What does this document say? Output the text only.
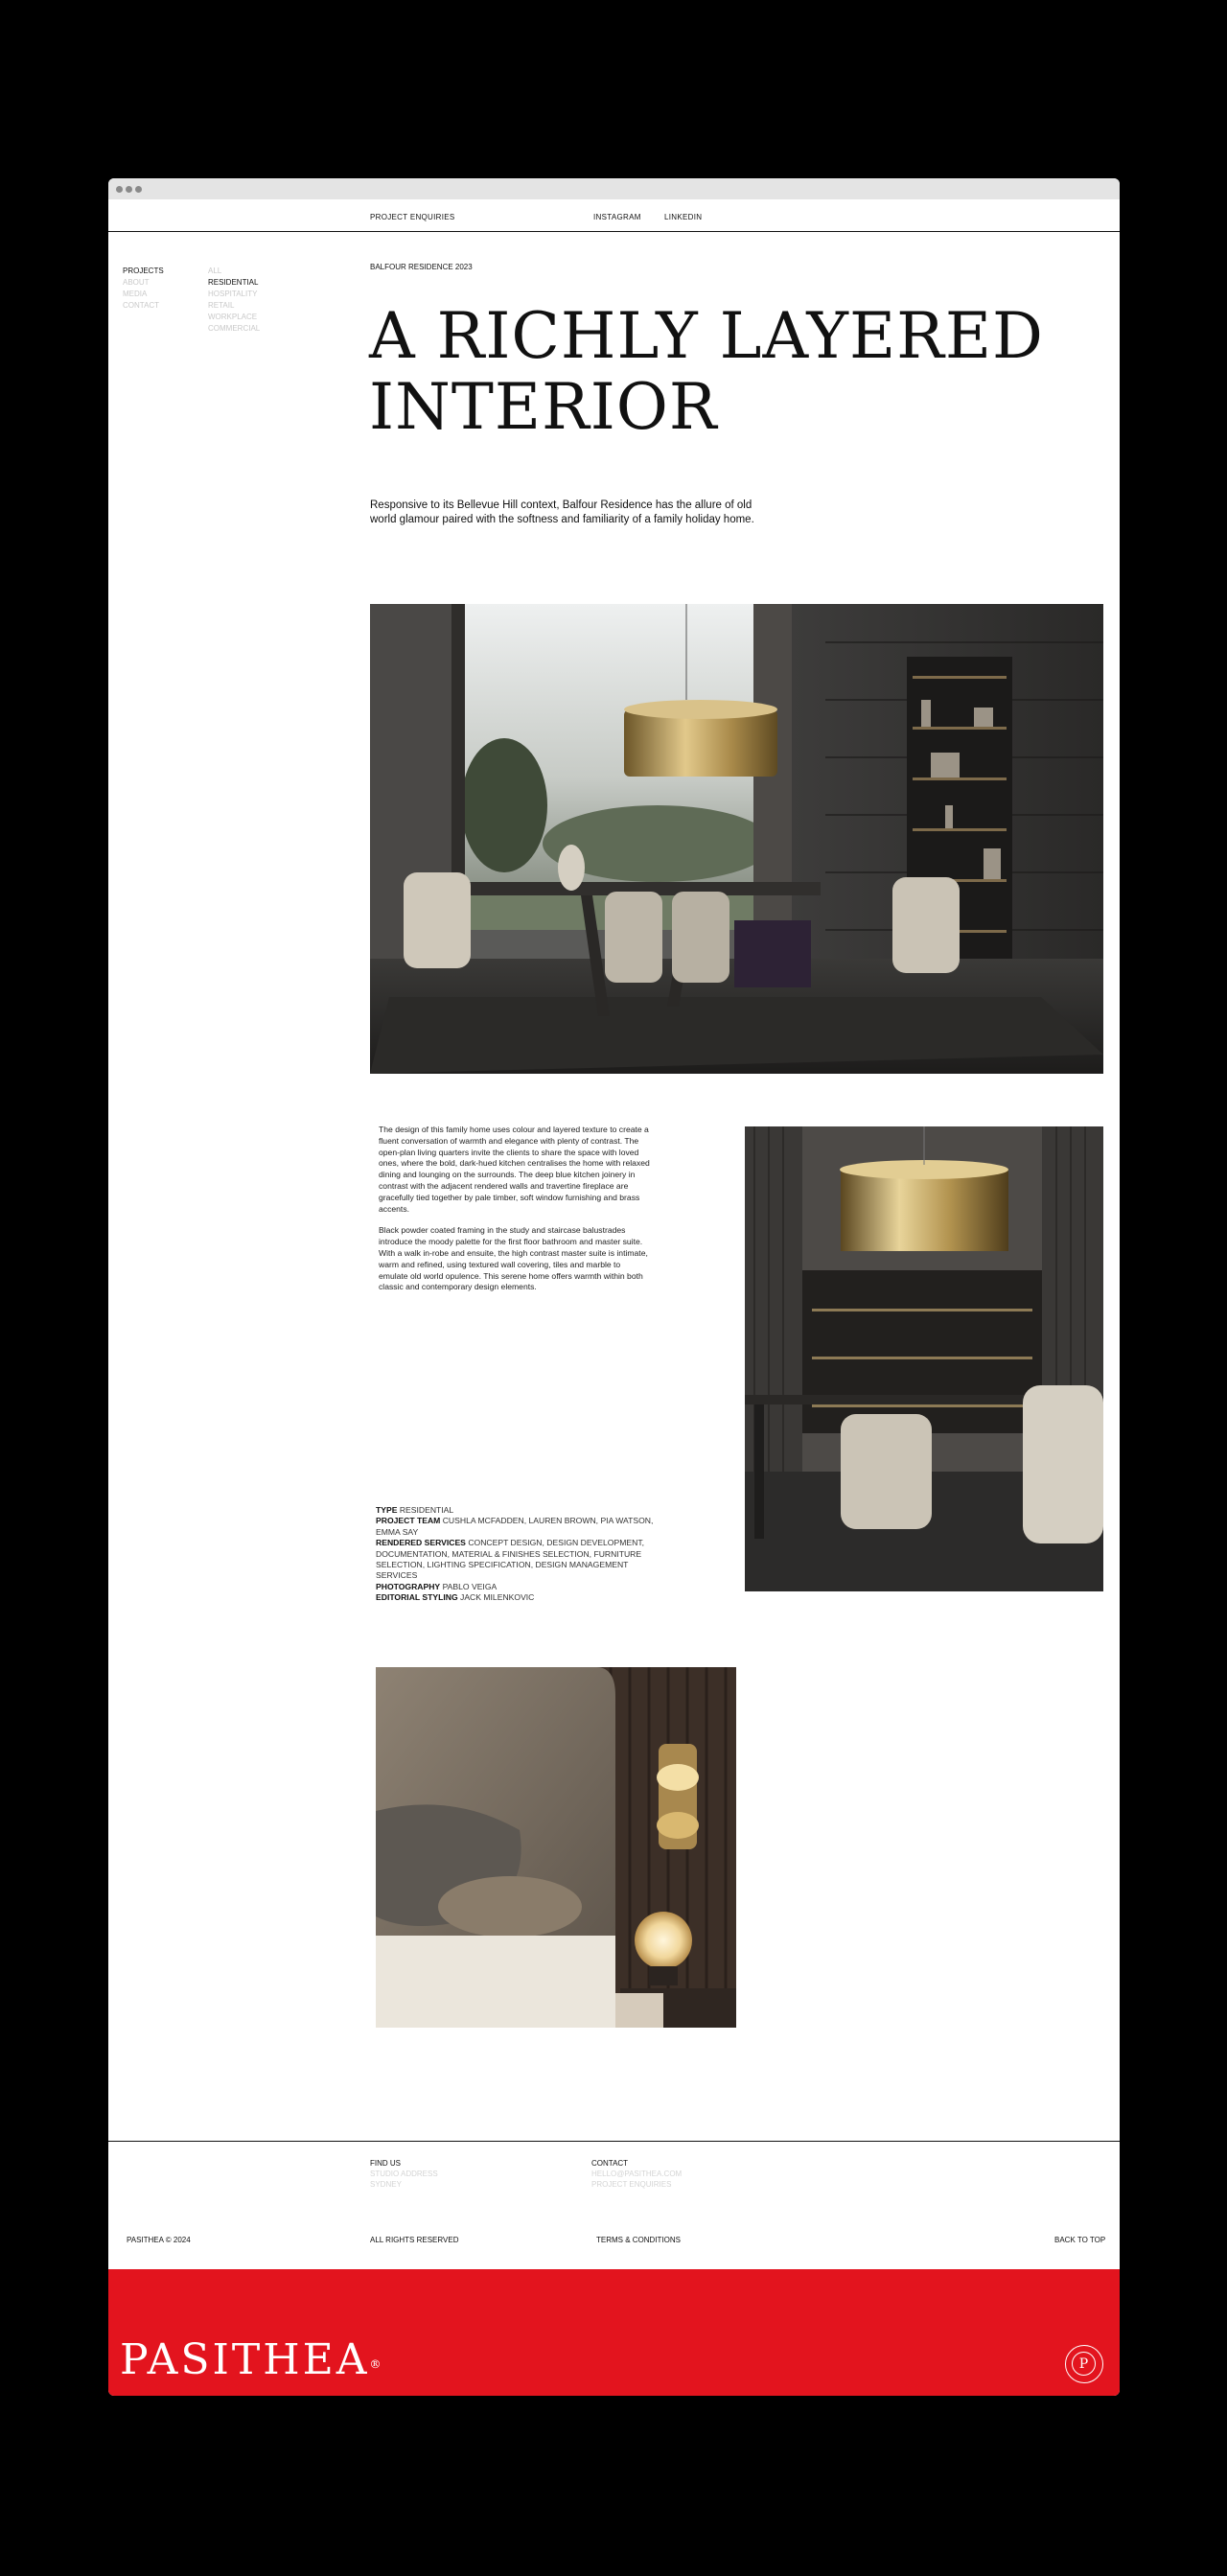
PROJECT ENQUIRIES	INSTAGRAM	LINKEDIN
PROJECTS
ABOUT
MEDIA
CONTACT
ALL
RESIDENTIAL
HOSPITALITY
RETAIL
WORKPLACE
COMMERCIAL
BALFOUR RESIDENCE 2023
A RICHLY LAYERED
INTERIOR

Responsive to its Bellevue Hill context, Balfour Residence has the allure of old world glamour paired with the softness and familiarity of a family holiday home.

The design of this family home uses colour and layered texture to create a fluent conversation of warmth and elegance with plenty of contrast. The open-plan living quarters invite the clients to share the space with loved ones, where the bold, dark-hued kitchen centralises the home with relaxed dining and lounging on the surrounds. The deep blue kitchen joinery in contrast with the adjacent rendered walls and travertine fireplace are gracefully tied together by pale timber, soft window furnishing and brass accents.

Black powder coated framing in the study and staircase balustrades introduce the moody palette for the first floor bathroom and master suite. With a walk in-robe and ensuite, the high contrast master suite is intimate, warm and refined, using textured wall covering, tiles and marble to emulate old world opulence. This serene home offers warmth within both classic and contemporary design elements.

TYPE RESIDENTIAL
PROJECT TEAM CUSHLA MCFADDEN, LAUREN BROWN, PIA WATSON, EMMA SAY
RENDERED SERVICES CONCEPT DESIGN, DESIGN DEVELOPMENT, DOCUMENTATION, MATERIAL & FINISHES SELECTION, FURNITURE SELECTION, LIGHTING SPECIFICATION, DESIGN MANAGEMENT SERVICES
PHOTOGRAPHY PABLO VEIGA
EDITORIAL STYLING JACK MILENKOVIC
FIND US
STUDIO ADDRESS
SYDNEY
CONTACT
HELLO@PASITHEA.COM
PROJECT ENQUIRIES
PASITHEA © 2024	ALL RIGHTS RESERVED	TERMS & CONDITIONS	BACK TO TOP
PASITHEA®	P
